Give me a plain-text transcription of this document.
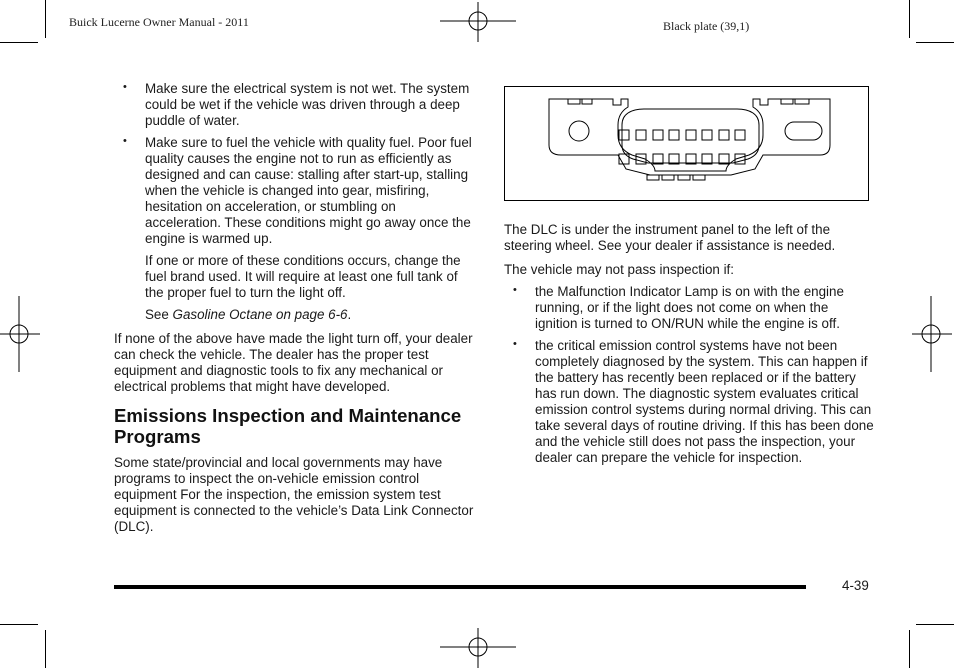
Buick Lucerne Owner Manual - 2011	Black plate (39,1)
• Make sure the electrical system is not wet. The system could be wet if the vehicle was driven through a deep puddle of water.

• Make sure to fuel the vehicle with quality fuel. Poor fuel quality causes the engine not to run as efficiently as designed and can cause: stalling after start-up, stalling when the vehicle is changed into gear, misfiring, hesitation on acceleration, or stumbling on acceleration. These conditions might go away once the engine is warmed up.

If one or more of these conditions occurs, change the fuel brand used. It will require at least one full tank of the proper fuel to turn the light off.

See Gasoline Octane on page 6-6.

If none of the above have made the light turn off, your dealer can check the vehicle. The dealer has the proper test equipment and diagnostic tools to fix any mechanical or electrical problems that might have developed.

Emissions Inspection and Maintenance Programs

Some state/provincial and local governments may have programs to inspect the on-vehicle emission control equipment For the inspection, the emission system test equipment is connected to the vehicle’s Data Link Connector (DLC).

The DLC is under the instrument panel to the left of the steering wheel. See your dealer if assistance is needed.

The vehicle may not pass inspection if:

• the Malfunction Indicator Lamp is on with the engine running, or if the light does not come on when the ignition is turned to ON/RUN while the engine is off.

• the critical emission control systems have not been completely diagnosed by the system. This can happen if the battery has recently been replaced or if the battery has run down. The diagnostic system evaluates critical emission control systems during normal driving. This can take several days of routine driving. If this has been done and the vehicle still does not pass the inspection, your dealer can prepare the vehicle for inspection.

4-39
